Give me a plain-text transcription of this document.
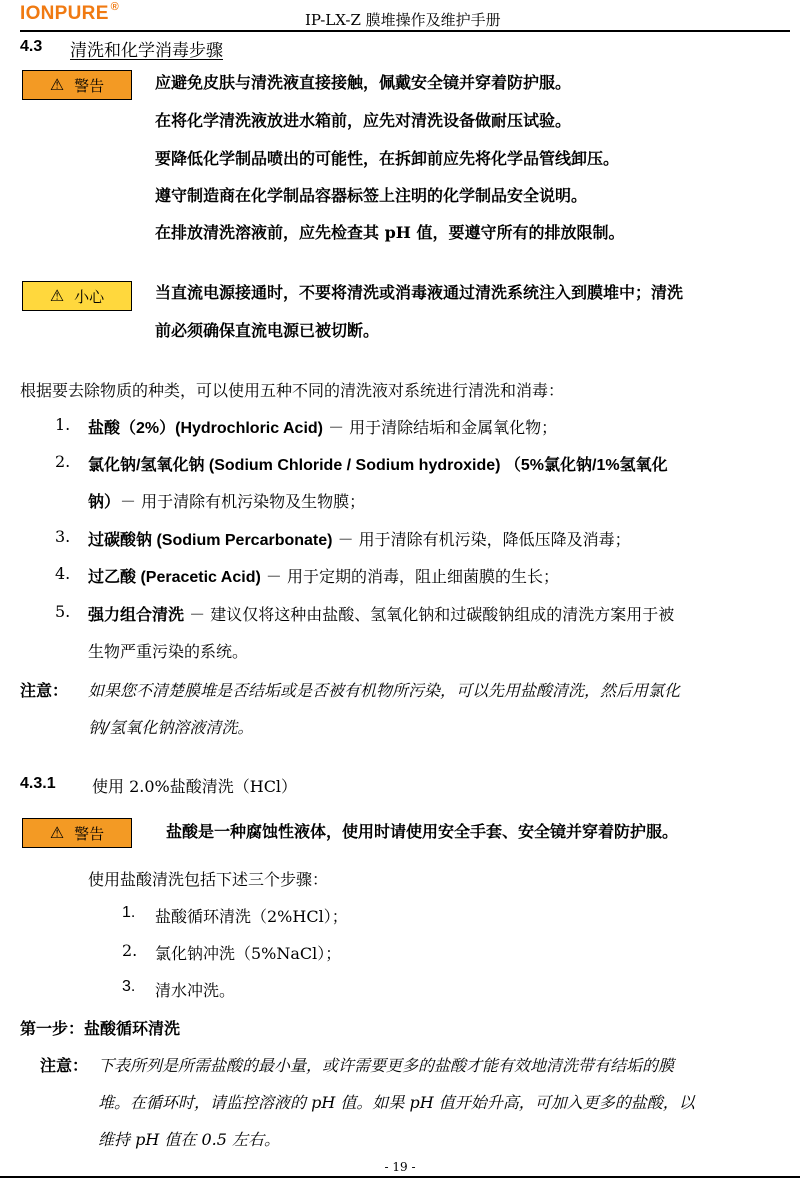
IONPURE ®
IP-LX-Z 膜堆操作及维护手册
4.3 清洗和化学消毒步骤
⚠ 警告	应避免皮肤与清洗液直接接触，佩戴安全镜并穿着防护服。
在将化学清洗液放进水箱前，应先对清洗设备做耐压试验。
要降低化学制品喷出的可能性，在拆卸前应先将化学品管线卸压。
遵守制造商在化学制品容器标签上注明的化学制品安全说明。
在排放清洗溶液前，应先检查其 pH 值，要遵守所有的排放限制。
⚠ 小心	当直流电源接通时，不要将清洗或消毒液通过清洗系统注入到膜堆中；清洗
前必须确保直流电源已被切断。
根据要去除物质的种类，可以使用五种不同的清洗液对系统进行清洗和消毒：
1. 盐酸（2%）(Hydrochloric Acid) － 用于清除结垢和金属氧化物；
2. 氯化钠/氢氧化钠 (Sodium Chloride / Sodium hydroxide) （5%氯化钠/1%氢氧化
钠）－ 用于清除有机污染物及生物膜；
3. 过碳酸钠 (Sodium Percarbonate) － 用于清除有机污染，降低压降及消毒；
4. 过乙酸 (Peracetic Acid) － 用于定期的消毒，阻止细菌膜的生长；
5. 强力组合清洗 － 建议仅将这种由盐酸、氢氧化钠和过碳酸钠组成的清洗方案用于被
生物严重污染的系统。
注意： 如果您不清楚膜堆是否结垢或是否被有机物所污染，可以先用盐酸清洗，然后用氯化
钠/氢氧化钠溶液清洗。
4.3.1 使用 2.0%盐酸清洗（HCl）
⚠ 警告	盐酸是一种腐蚀性液体，使用时请使用安全手套、安全镜并穿着防护服。
使用盐酸清洗包括下述三个步骤：
1. 盐酸循环清洗（2%HCl）；
2. 氯化钠冲洗（5%NaCl）；
3. 清水冲洗。
第一步：盐酸循环清洗
注意： 下表所列是所需盐酸的最小量，或许需要更多的盐酸才能有效地清洗带有结垢的膜
堆。在循环时，请监控溶液的 pH 值。如果 pH 值开始升高，可加入更多的盐酸，以
维持 pH 值在 0.5 左右。
- 19 -
